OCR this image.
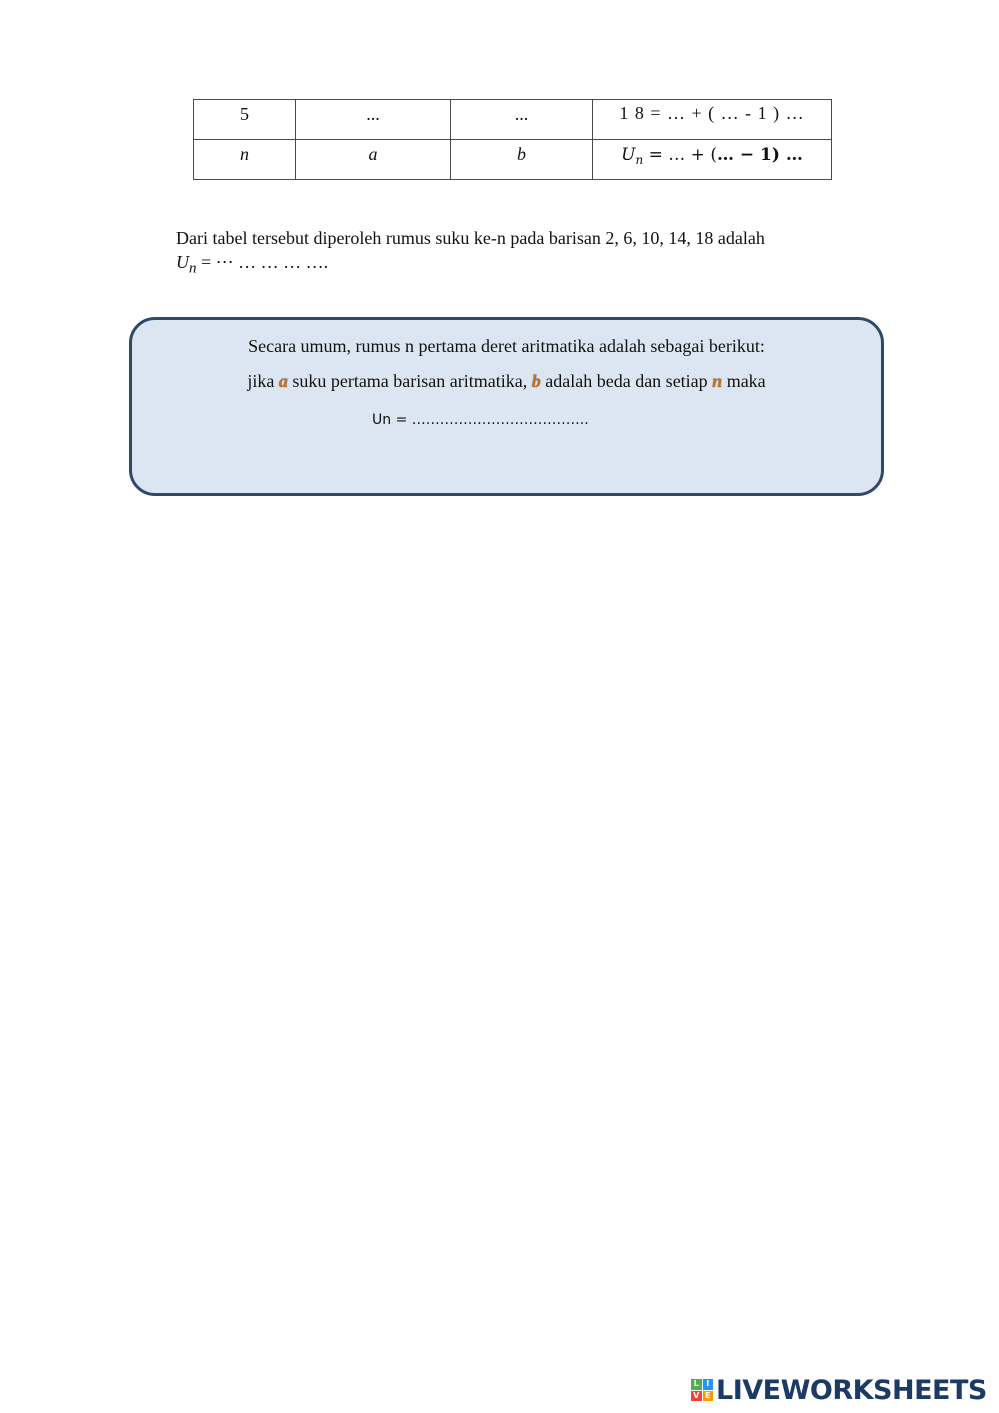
5	...	...	1 8 = … + ( … - 1 ) …
n	a	b	$U_n$ = … + (… − 1) …
Dari tabel tersebut diperoleh rumus suku ke-n pada barisan 2, 6, 10, 14, 18 adalah
$U_n$ = ⋯ … … … ….
Secara umum, rumus n pertama deret aritmatika adalah sebagai berikut:
jika a suku pertama barisan aritmatika, b adalah beda dan setiap n maka
Un = ………………………………..
L I
V E LIVEWORKSHEETS
